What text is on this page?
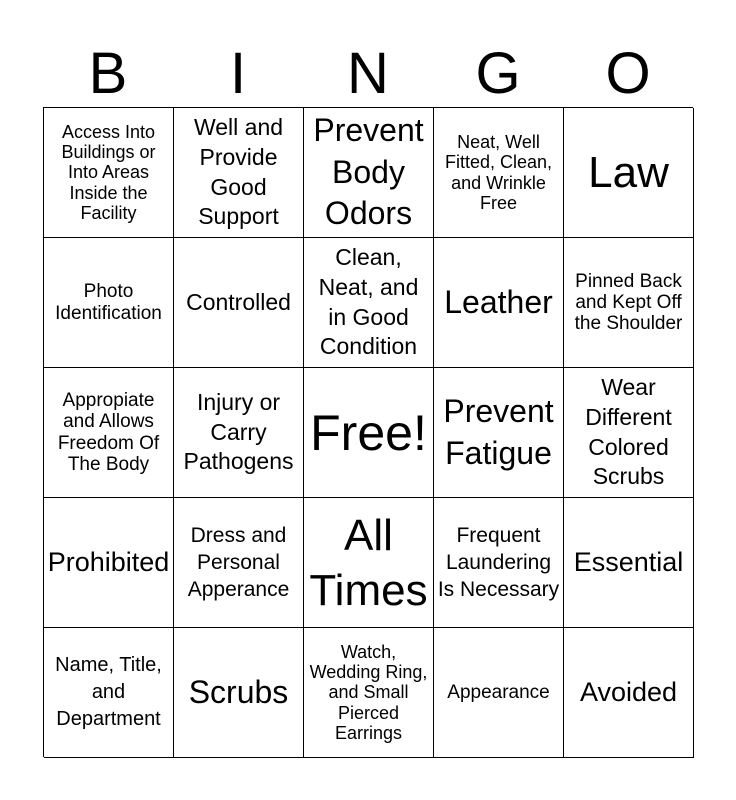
B	I	N	G	O
Access Into Buildings or Into Areas Inside the Facility
Well and Provide Good Support
Prevent Body Odors
Neat, Well Fitted, Clean, and Wrinkle Free
Law
Photo Identification	Controlled
Clean, Neat, and in Good Condition
Leather
Pinned Back and Kept Off the Shoulder
Appropiate and Allows Freedom Of The Body
Injury or Carry Pathogens
Free! Prevent Fatigue
Wear Different Colored Scrubs
Prohibited
Dress and Personal Apperance
All Times
Frequent Laundering Is Necessary
Essential
Name, Title, and Department
Scrubs
Watch, Wedding Ring, and Small Pierced Earrings
Appearance	Avoided
